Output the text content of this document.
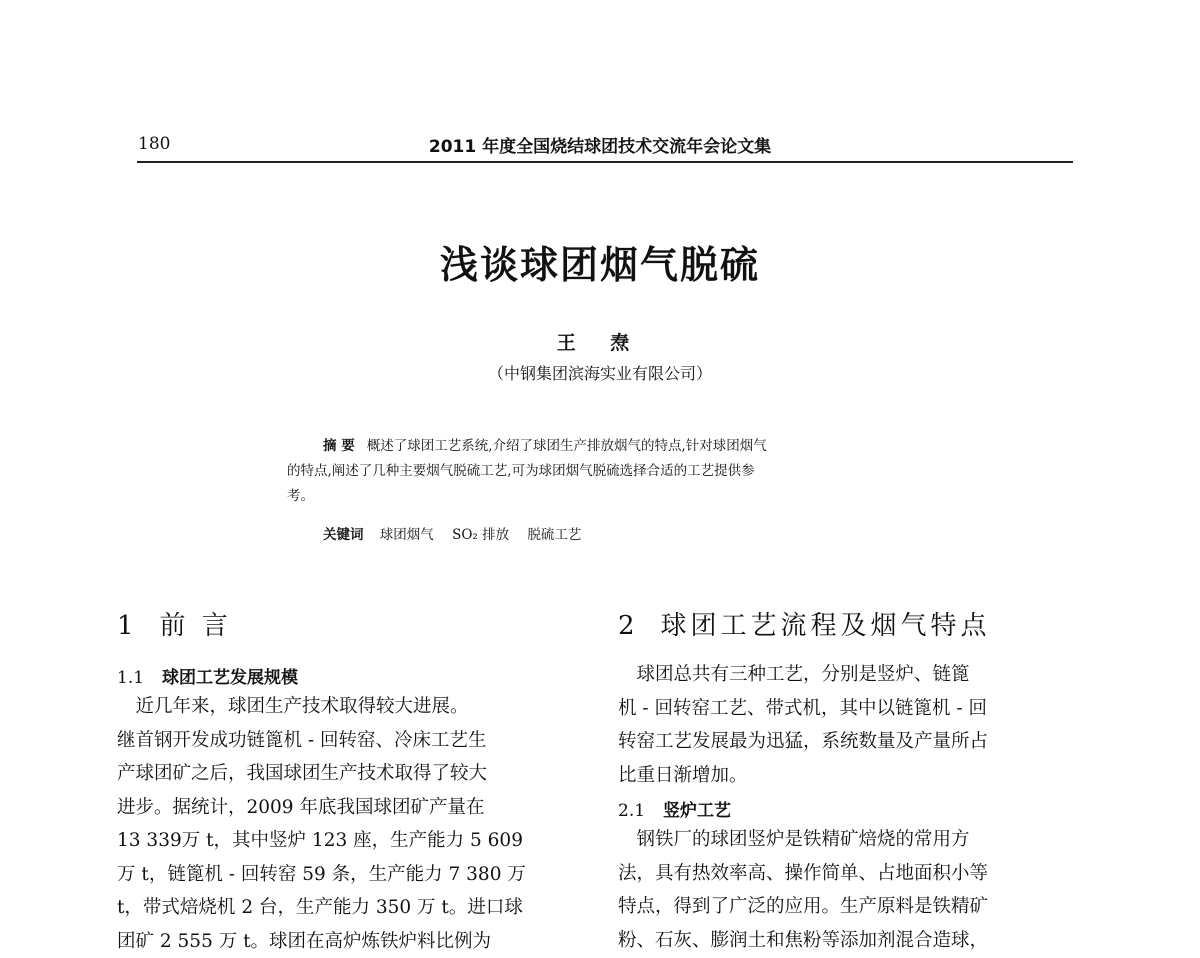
180	2011 年度全国烧结球团技术交流年会论文集
浅谈球团烟气脱硫
王 焘
（中钢集团滨海实业有限公司）
摘 要 概述了球团工艺系统,介绍了球团生产排放烟气的特点,针对球团烟气
的特点,阐述了几种主要烟气脱硫工艺,可为球团烟气脱硫选择合适的工艺提供参
考。
关键词 球团烟气 SO₂ 排放 脱硫工艺
1 前 言
1.1 球团工艺发展规模
　近几年来，球团生产技术取得较大进展。
继首钢开发成功链篦机 - 回转窑、冷床工艺生
产球团矿之后，我国球团生产技术取得了较大
进步。据统计，2009 年底我国球团矿产量在
13 339万 t，其中竖炉 123 座，生产能力 5 609
万 t，链篦机 - 回转窑 59 条，生产能力 7 380 万
t，带式焙烧机 2 台，生产能力 350 万 t。进口球
团矿 2 555 万 t。球团在高炉炼铁炉料比例为
2 球团工艺流程及烟气特点
　球团总共有三种工艺，分别是竖炉、链篦
机 - 回转窑工艺、带式机，其中以链篦机 - 回
转窑工艺发展最为迅猛，系统数量及产量所占
比重日渐增加。
2.1 竖炉工艺
　钢铁厂的球团竖炉是铁精矿焙烧的常用方
法，具有热效率高、操作简单、占地面积小等
特点，得到了广泛的应用。生产原料是铁精矿
粉、石灰、膨润土和焦粉等添加剂混合造球，
